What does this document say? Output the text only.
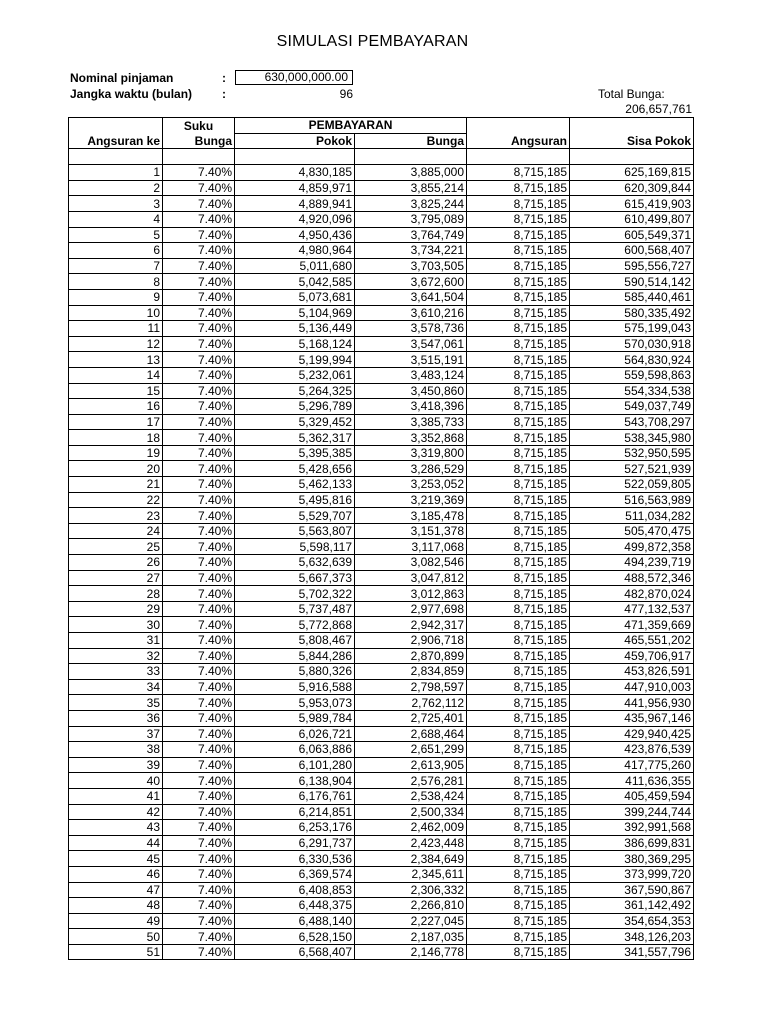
SIMULASI PEMBAYARAN
Nominal pinjaman	:	630,000,000.00
Jangka waktu (bulan) :	96	Total Bunga:
206,657,761
	Suku	PEMBAYARAN			
Angsuran ke	Bunga	Pokok	Bunga	Angsuran	Sisa Pokok

1	7.40%	4,830,185	3,885,000	8,715,185	625,169,815
2	7.40%	4,859,971	3,855,214	8,715,185	620,309,844
3	7.40%	4,889,941	3,825,244	8,715,185	615,419,903
4	7.40%	4,920,096	3,795,089	8,715,185	610,499,807
5	7.40%	4,950,436	3,764,749	8,715,185	605,549,371
6	7.40%	4,980,964	3,734,221	8,715,185	600,568,407
7	7.40%	5,011,680	3,703,505	8,715,185	595,556,727
8	7.40%	5,042,585	3,672,600	8,715,185	590,514,142
9	7.40%	5,073,681	3,641,504	8,715,185	585,440,461
10	7.40%	5,104,969	3,610,216	8,715,185	580,335,492
11	7.40%	5,136,449	3,578,736	8,715,185	575,199,043
12	7.40%	5,168,124	3,547,061	8,715,185	570,030,918
13	7.40%	5,199,994	3,515,191	8,715,185	564,830,924
14	7.40%	5,232,061	3,483,124	8,715,185	559,598,863
15	7.40%	5,264,325	3,450,860	8,715,185	554,334,538
16	7.40%	5,296,789	3,418,396	8,715,185	549,037,749
17	7.40%	5,329,452	3,385,733	8,715,185	543,708,297
18	7.40%	5,362,317	3,352,868	8,715,185	538,345,980
19	7.40%	5,395,385	3,319,800	8,715,185	532,950,595
20	7.40%	5,428,656	3,286,529	8,715,185	527,521,939
21	7.40%	5,462,133	3,253,052	8,715,185	522,059,805
22	7.40%	5,495,816	3,219,369	8,715,185	516,563,989
23	7.40%	5,529,707	3,185,478	8,715,185	511,034,282
24	7.40%	5,563,807	3,151,378	8,715,185	505,470,475
25	7.40%	5,598,117	3,117,068	8,715,185	499,872,358
26	7.40%	5,632,639	3,082,546	8,715,185	494,239,719
27	7.40%	5,667,373	3,047,812	8,715,185	488,572,346
28	7.40%	5,702,322	3,012,863	8,715,185	482,870,024
29	7.40%	5,737,487	2,977,698	8,715,185	477,132,537
30	7.40%	5,772,868	2,942,317	8,715,185	471,359,669
31	7.40%	5,808,467	2,906,718	8,715,185	465,551,202
32	7.40%	5,844,286	2,870,899	8,715,185	459,706,917
33	7.40%	5,880,326	2,834,859	8,715,185	453,826,591
34	7.40%	5,916,588	2,798,597	8,715,185	447,910,003
35	7.40%	5,953,073	2,762,112	8,715,185	441,956,930
36	7.40%	5,989,784	2,725,401	8,715,185	435,967,146
37	7.40%	6,026,721	2,688,464	8,715,185	429,940,425
38	7.40%	6,063,886	2,651,299	8,715,185	423,876,539
39	7.40%	6,101,280	2,613,905	8,715,185	417,775,260
40	7.40%	6,138,904	2,576,281	8,715,185	411,636,355
41	7.40%	6,176,761	2,538,424	8,715,185	405,459,594
42	7.40%	6,214,851	2,500,334	8,715,185	399,244,744
43	7.40%	6,253,176	2,462,009	8,715,185	392,991,568
44	7.40%	6,291,737	2,423,448	8,715,185	386,699,831
45	7.40%	6,330,536	2,384,649	8,715,185	380,369,295
46	7.40%	6,369,574	2,345,611	8,715,185	373,999,720
47	7.40%	6,408,853	2,306,332	8,715,185	367,590,867
48	7.40%	6,448,375	2,266,810	8,715,185	361,142,492
49	7.40%	6,488,140	2,227,045	8,715,185	354,654,353
50	7.40%	6,528,150	2,187,035	8,715,185	348,126,203
51	7.40%	6,568,407	2,146,778	8,715,185	341,557,796
